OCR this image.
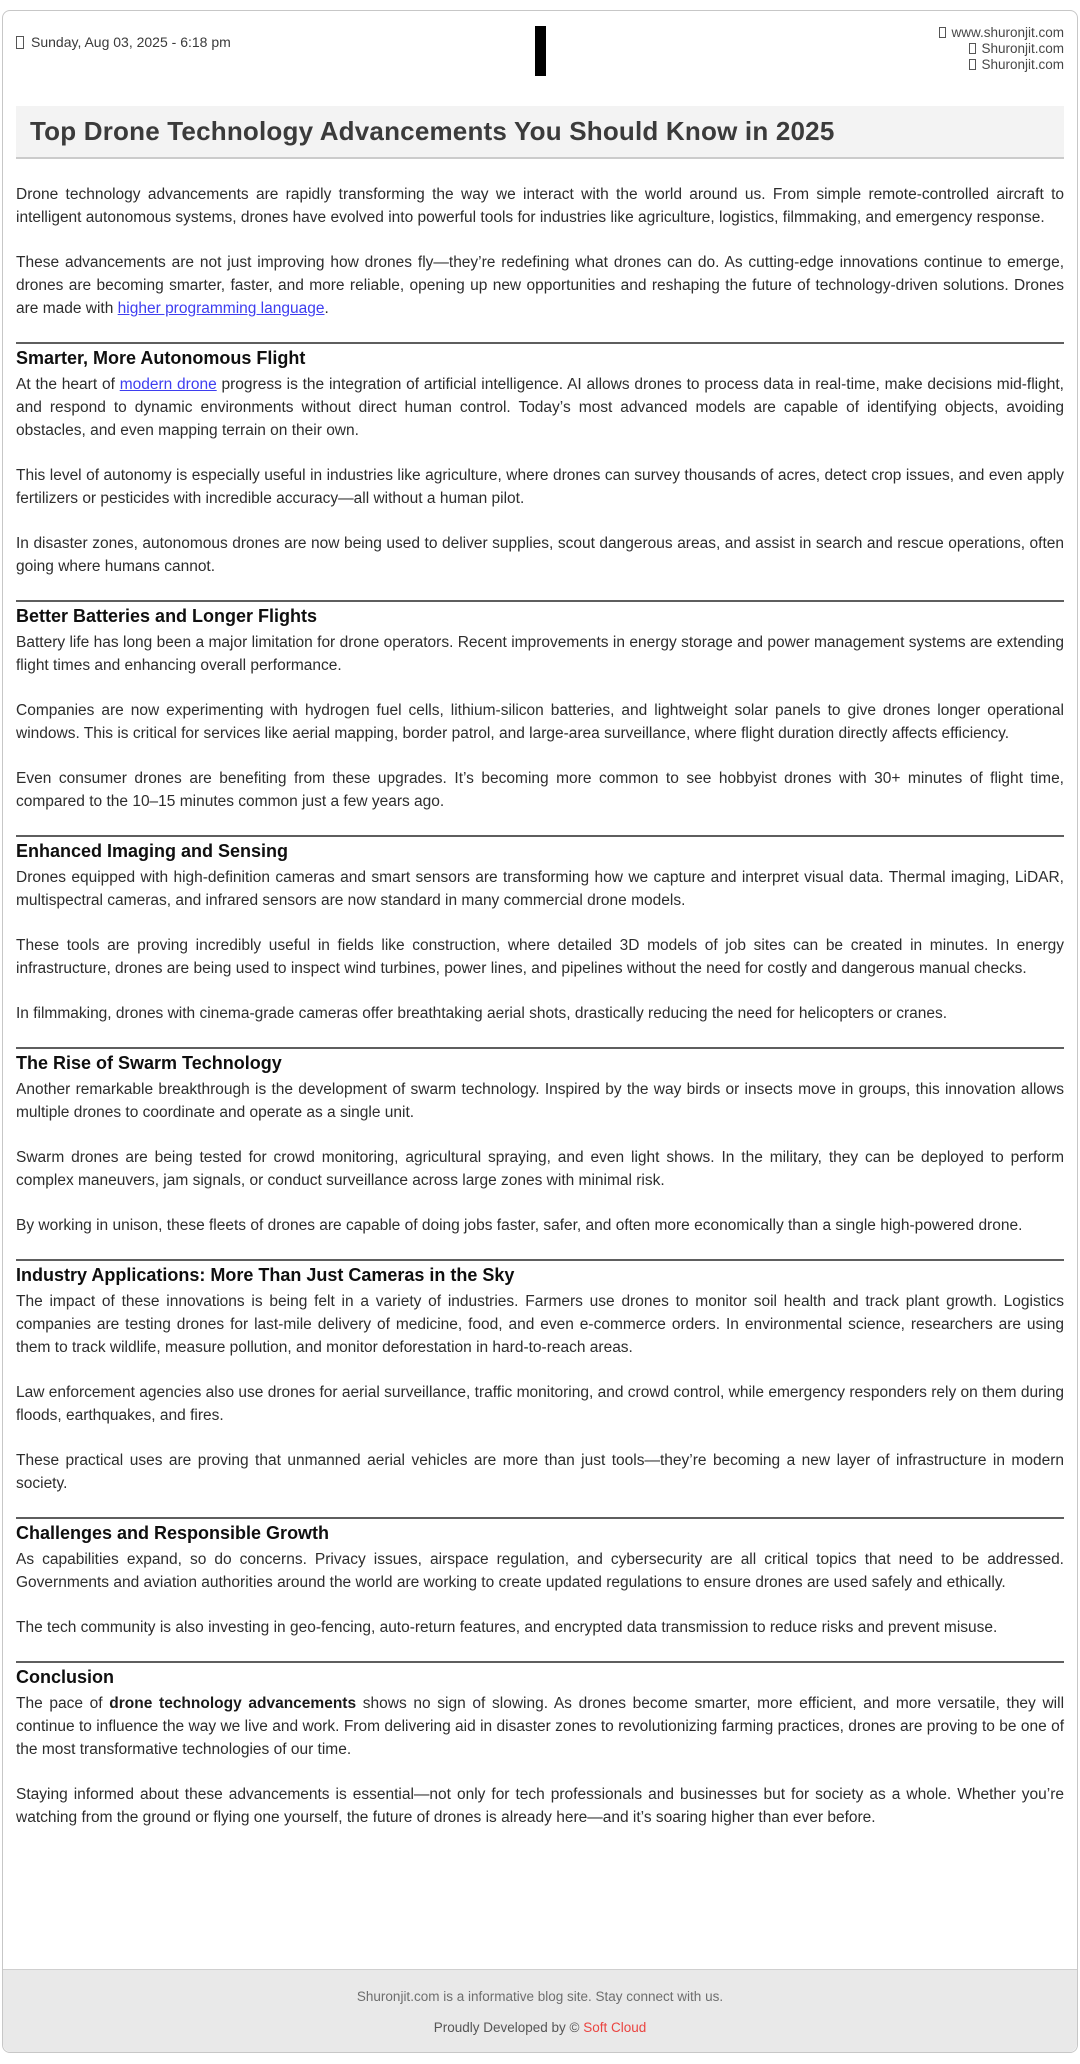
Sunday, Aug 03, 2025 - 6:18 pm
www.shuronjit.com
Shuronjit.com
Shuronjit.com
Top Drone Technology Advancements You Should Know in 2025

Drone technology advancements are rapidly transforming the way we interact with the world around us. From simple remote-controlled aircraft to intelligent autonomous systems, drones have evolved into powerful tools for industries like agriculture, logistics, filmmaking, and emergency response.

These advancements are not just improving how drones fly—they’re redefining what drones can do. As cutting-edge innovations continue to emerge, drones are becoming smarter, faster, and more reliable, opening up new opportunities and reshaping the future of technology-driven solutions. Drones are made with higher programming language.

Smarter, More Autonomous Flight

At the heart of modern drone progress is the integration of artificial intelligence. AI allows drones to process data in real-time, make decisions mid-flight, and respond to dynamic environments without direct human control. Today’s most advanced models are capable of identifying objects, avoiding obstacles, and even mapping terrain on their own.

This level of autonomy is especially useful in industries like agriculture, where drones can survey thousands of acres, detect crop issues, and even apply fertilizers or pesticides with incredible accuracy—all without a human pilot.

In disaster zones, autonomous drones are now being used to deliver supplies, scout dangerous areas, and assist in search and rescue operations, often going where humans cannot.

Better Batteries and Longer Flights

Battery life has long been a major limitation for drone operators. Recent improvements in energy storage and power management systems are extending flight times and enhancing overall performance.

Companies are now experimenting with hydrogen fuel cells, lithium-silicon batteries, and lightweight solar panels to give drones longer operational windows. This is critical for services like aerial mapping, border patrol, and large-area surveillance, where flight duration directly affects efficiency.

Even consumer drones are benefiting from these upgrades. It’s becoming more common to see hobbyist drones with 30+ minutes of flight time, compared to the 10–15 minutes common just a few years ago.

Enhanced Imaging and Sensing

Drones equipped with high-definition cameras and smart sensors are transforming how we capture and interpret visual data. Thermal imaging, LiDAR, multispectral cameras, and infrared sensors are now standard in many commercial drone models.

These tools are proving incredibly useful in fields like construction, where detailed 3D models of job sites can be created in minutes. In energy infrastructure, drones are being used to inspect wind turbines, power lines, and pipelines without the need for costly and dangerous manual checks.

In filmmaking, drones with cinema-grade cameras offer breathtaking aerial shots, drastically reducing the need for helicopters or cranes.

The Rise of Swarm Technology

Another remarkable breakthrough is the development of swarm technology. Inspired by the way birds or insects move in groups, this innovation allows multiple drones to coordinate and operate as a single unit.

Swarm drones are being tested for crowd monitoring, agricultural spraying, and even light shows. In the military, they can be deployed to perform complex maneuvers, jam signals, or conduct surveillance across large zones with minimal risk.

By working in unison, these fleets of drones are capable of doing jobs faster, safer, and often more economically than a single high-powered drone.

Industry Applications: More Than Just Cameras in the Sky

The impact of these innovations is being felt in a variety of industries. Farmers use drones to monitor soil health and track plant growth. Logistics companies are testing drones for last-mile delivery of medicine, food, and even e-commerce orders. In environmental science, researchers are using them to track wildlife, measure pollution, and monitor deforestation in hard-to-reach areas.

Law enforcement agencies also use drones for aerial surveillance, traffic monitoring, and crowd control, while emergency responders rely on them during floods, earthquakes, and fires.

These practical uses are proving that unmanned aerial vehicles are more than just tools—they’re becoming a new layer of infrastructure in modern society.

Challenges and Responsible Growth

As capabilities expand, so do concerns. Privacy issues, airspace regulation, and cybersecurity are all critical topics that need to be addressed. Governments and aviation authorities around the world are working to create updated regulations to ensure drones are used safely and ethically.

The tech community is also investing in geo-fencing, auto-return features, and encrypted data transmission to reduce risks and prevent misuse.

Conclusion

The pace of drone technology advancements shows no sign of slowing. As drones become smarter, more efficient, and more versatile, they will continue to influence the way we live and work. From delivering aid in disaster zones to revolutionizing farming practices, drones are proving to be one of the most transformative technologies of our time.

Staying informed about these advancements is essential—not only for tech professionals and businesses but for society as a whole. Whether you’re watching from the ground or flying one yourself, the future of drones is already here—and it’s soaring higher than ever before.

Shuronjit.com is a informative blog site. Stay connect with us.

Proudly Developed by © Soft Cloud
